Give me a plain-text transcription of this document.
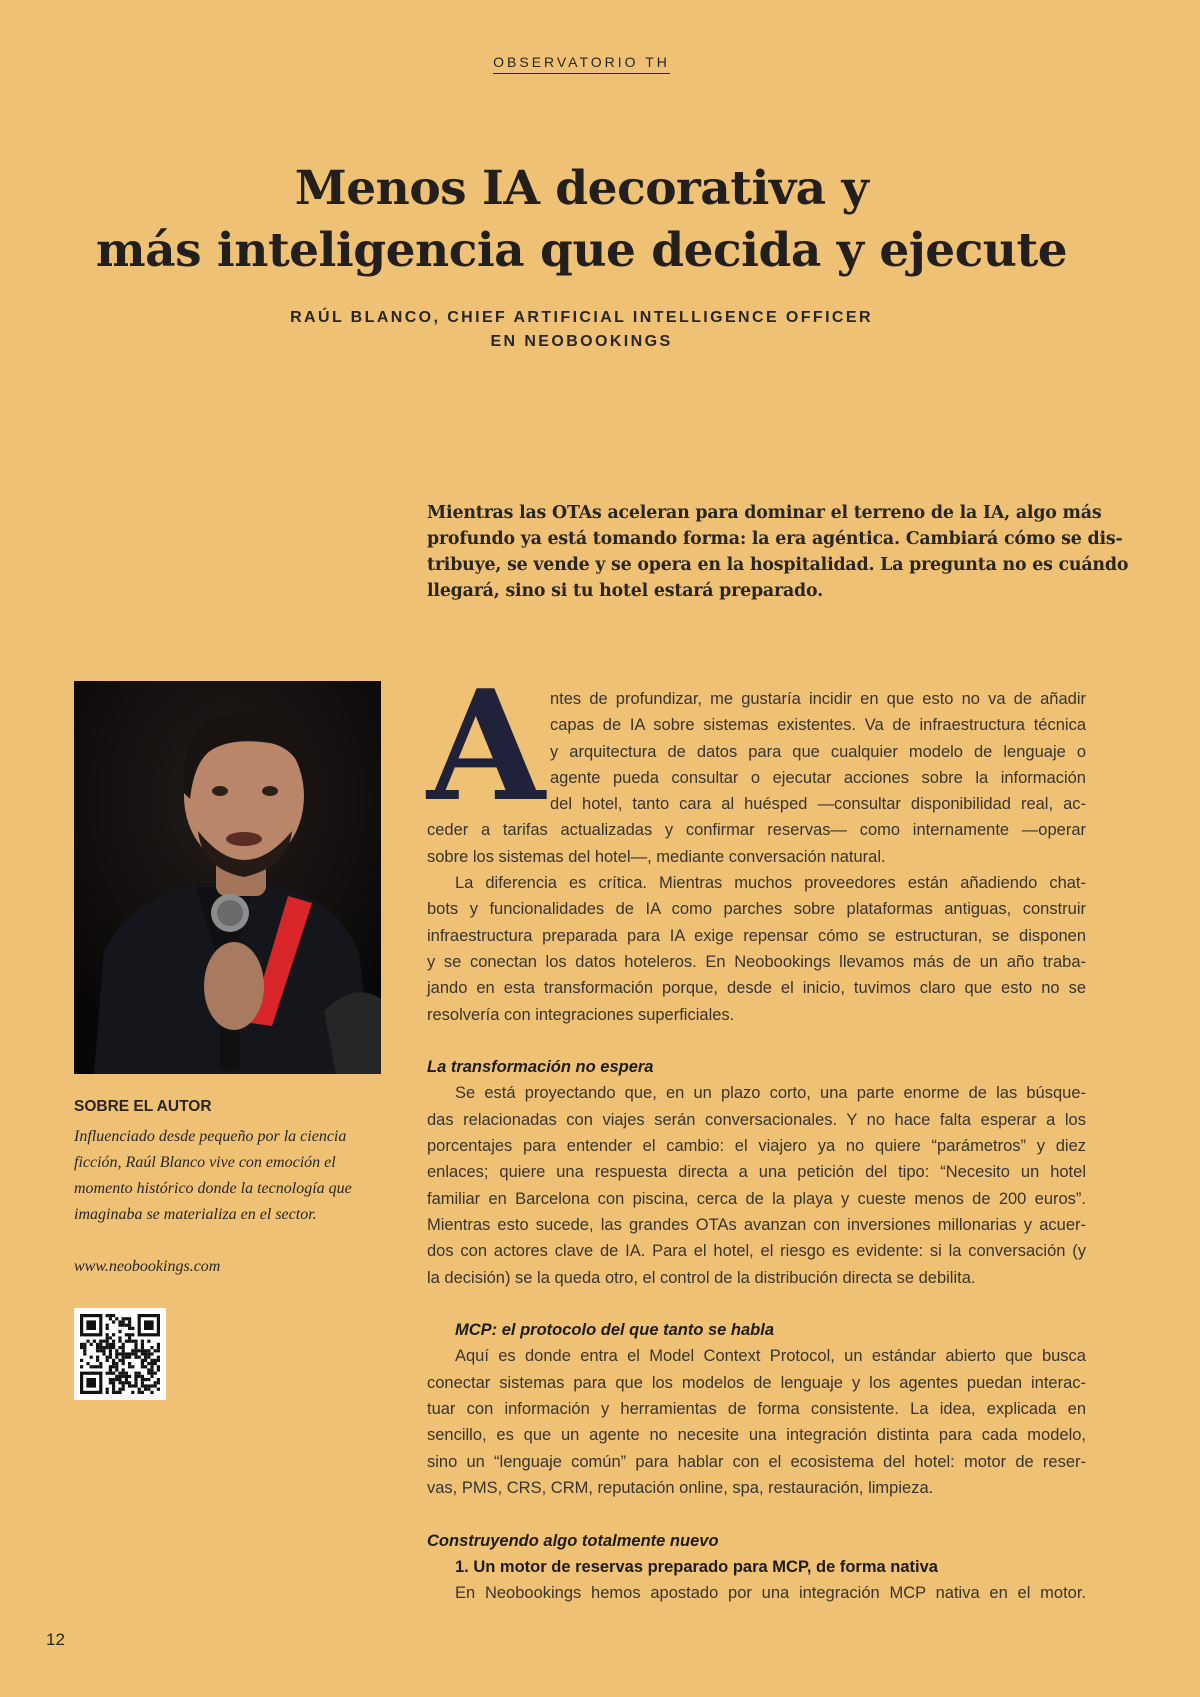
OBSERVATORIO TH
Menos IA decorativa y
más inteligencia que decida y ejecute
RAÚL BLANCO, CHIEF ARTIFICIAL INTELLIGENCE OFFICER
EN NEOBOOKINGS
Mientras las OTAs aceleran para dominar el terreno de la IA, algo más
profundo ya está tomando forma: la era agéntica. Cambiará cómo se dis-
tribuye, se vende y se opera en la hospitalidad. La pregunta no es cuándo
llegará, sino si tu hotel estará preparado.
SOBRE EL AUTOR
Influenciado desde pequeño por la ciencia
ficción, Raúl Blanco vive con emoción el
momento histórico donde la tecnología que
imaginaba se materializa en el sector.
www.neobookings.com
A ntes de profundizar, me gustaría incidir en que esto no va de añadir
capas de IA sobre sistemas existentes. Va de infraestructura técnica
y arquitectura de datos para que cualquier modelo de lenguaje o
agente pueda consultar o ejecutar acciones sobre la información
del hotel, tanto cara al huésped —consultar disponibilidad real, ac-
ceder a tarifas actualizadas y confirmar reservas— como internamente —operar
sobre los sistemas del hotel—, mediante conversación natural.
La diferencia es crítica. Mientras muchos proveedores están añadiendo chat-
bots y funcionalidades de IA como parches sobre plataformas antiguas, construir
infraestructura preparada para IA exige repensar cómo se estructuran, se disponen
y se conectan los datos hoteleros. En Neobookings llevamos más de un año traba-
jando en esta transformación porque, desde el inicio, tuvimos claro que esto no se
resolvería con integraciones superficiales.
La transformación no espera
Se está proyectando que, en un plazo corto, una parte enorme de las búsque-
das relacionadas con viajes serán conversacionales. Y no hace falta esperar a los
porcentajes para entender el cambio: el viajero ya no quiere “parámetros” y diez
enlaces; quiere una respuesta directa a una petición del tipo: “Necesito un hotel
familiar en Barcelona con piscina, cerca de la playa y cueste menos de 200 euros”.
Mientras esto sucede, las grandes OTAs avanzan con inversiones millonarias y acuer-
dos con actores clave de IA. Para el hotel, el riesgo es evidente: si la conversación (y
la decisión) se la queda otro, el control de la distribución directa se debilita.
MCP: el protocolo del que tanto se habla
Aquí es donde entra el Model Context Protocol, un estándar abierto que busca
conectar sistemas para que los modelos de lenguaje y los agentes puedan interac-
tuar con información y herramientas de forma consistente. La idea, explicada en
sencillo, es que un agente no necesite una integración distinta para cada modelo,
sino un “lenguaje común” para hablar con el ecosistema del hotel: motor de reser-
vas, PMS, CRS, CRM, reputación online, spa, restauración, limpieza.
Construyendo algo totalmente nuevo
1. Un motor de reservas preparado para MCP, de forma nativa
En Neobookings hemos apostado por una integración MCP nativa en el motor.
12
